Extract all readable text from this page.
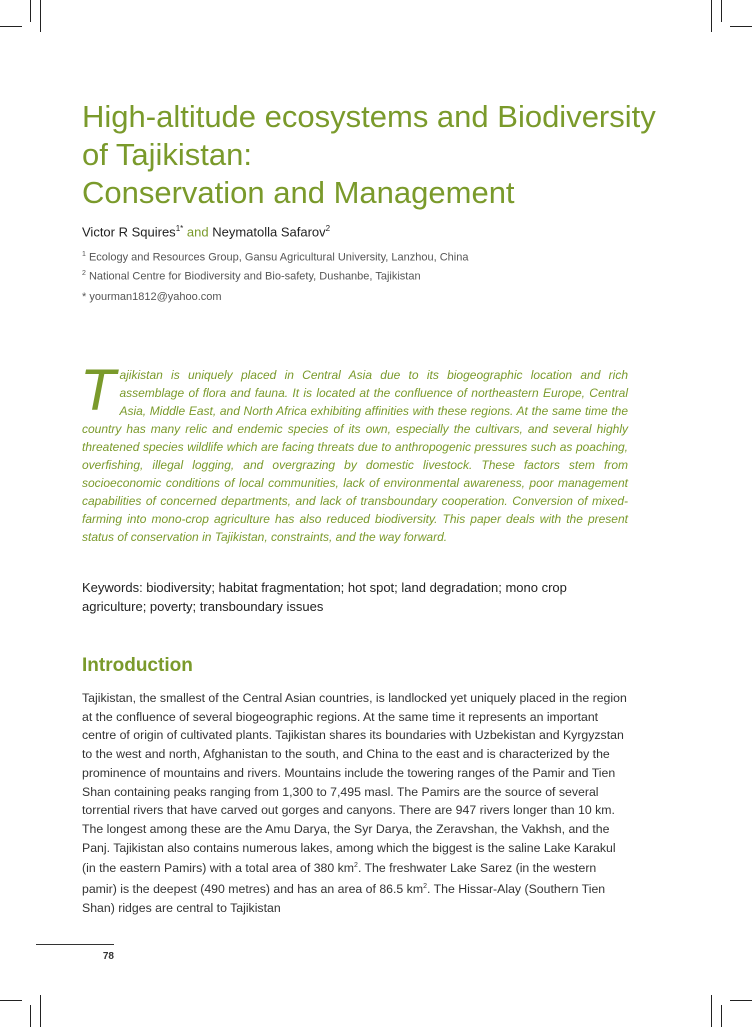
High-altitude ecosystems and Biodiversity
of Tajikistan:
Conservation and Management
Victor R Squires$^{1*}$ and Neymatolla Safarov$^2$
$^1$ Ecology and Resources Group, Gansu Agricultural University, Lanzhou, China
$^2$ National Centre for Biodiversity and Bio-safety, Dushanbe, Tajikistan
* yourman1812@yahoo.com

Tajikistan is uniquely placed in Central Asia due to its biogeographic location and rich assemblage of flora and fauna. It is located at the confluence of northeastern Europe, Central Asia, Middle East, and North Africa exhibiting affinities with these regions. At the same time the country has many relic and endemic species of its own, especially the cultivars, and several highly threatened species wildlife which are facing threats due to anthropogenic pressures such as poaching, overfishing, illegal logging, and overgrazing by domestic livestock. These factors stem from socioeconomic conditions of local communities, lack of environmental awareness, poor management capabilities of concerned departments, and lack of transboundary cooperation. Conversion of mixed-farming into mono-crop agriculture has also reduced biodiversity. This paper deals with the present status of conservation in Tajikistan, constraints, and the way forward.

Keywords: biodiversity; habitat fragmentation; hot spot; land degradation; mono crop agriculture; poverty; transboundary issues

Introduction

Tajikistan, the smallest of the Central Asian countries, is landlocked yet uniquely placed in the region at the confluence of several biogeographic regions. At the same time it represents an important centre of origin of cultivated plants. Tajikistan shares its boundaries with Uzbekistan and Kyrgyzstan to the west and north, Afghanistan to the south, and China to the east and is characterized by the prominence of mountains and rivers. Mountains include the towering ranges of the Pamir and Tien Shan containing peaks ranging from 1,300 to 7,495 masl. The Pamirs are the source of several torrential rivers that have carved out gorges and canyons. There are 947 rivers longer than 10 km. The longest among these are the Amu Darya, the Syr Darya, the Zeravshan, the Vakhsh, and the Panj. Tajikistan also contains numerous lakes, among which the biggest is the saline Lake Karakul (in the eastern Pamirs) with a total area of 380 $km^2$. The freshwater Lake Sarez (in the western pamir) is the deepest (490 metres) and has an area of 86.5 $km^2$. The Hissar-Alay (Southern Tien Shan) ridges are central to Tajikistan

78
